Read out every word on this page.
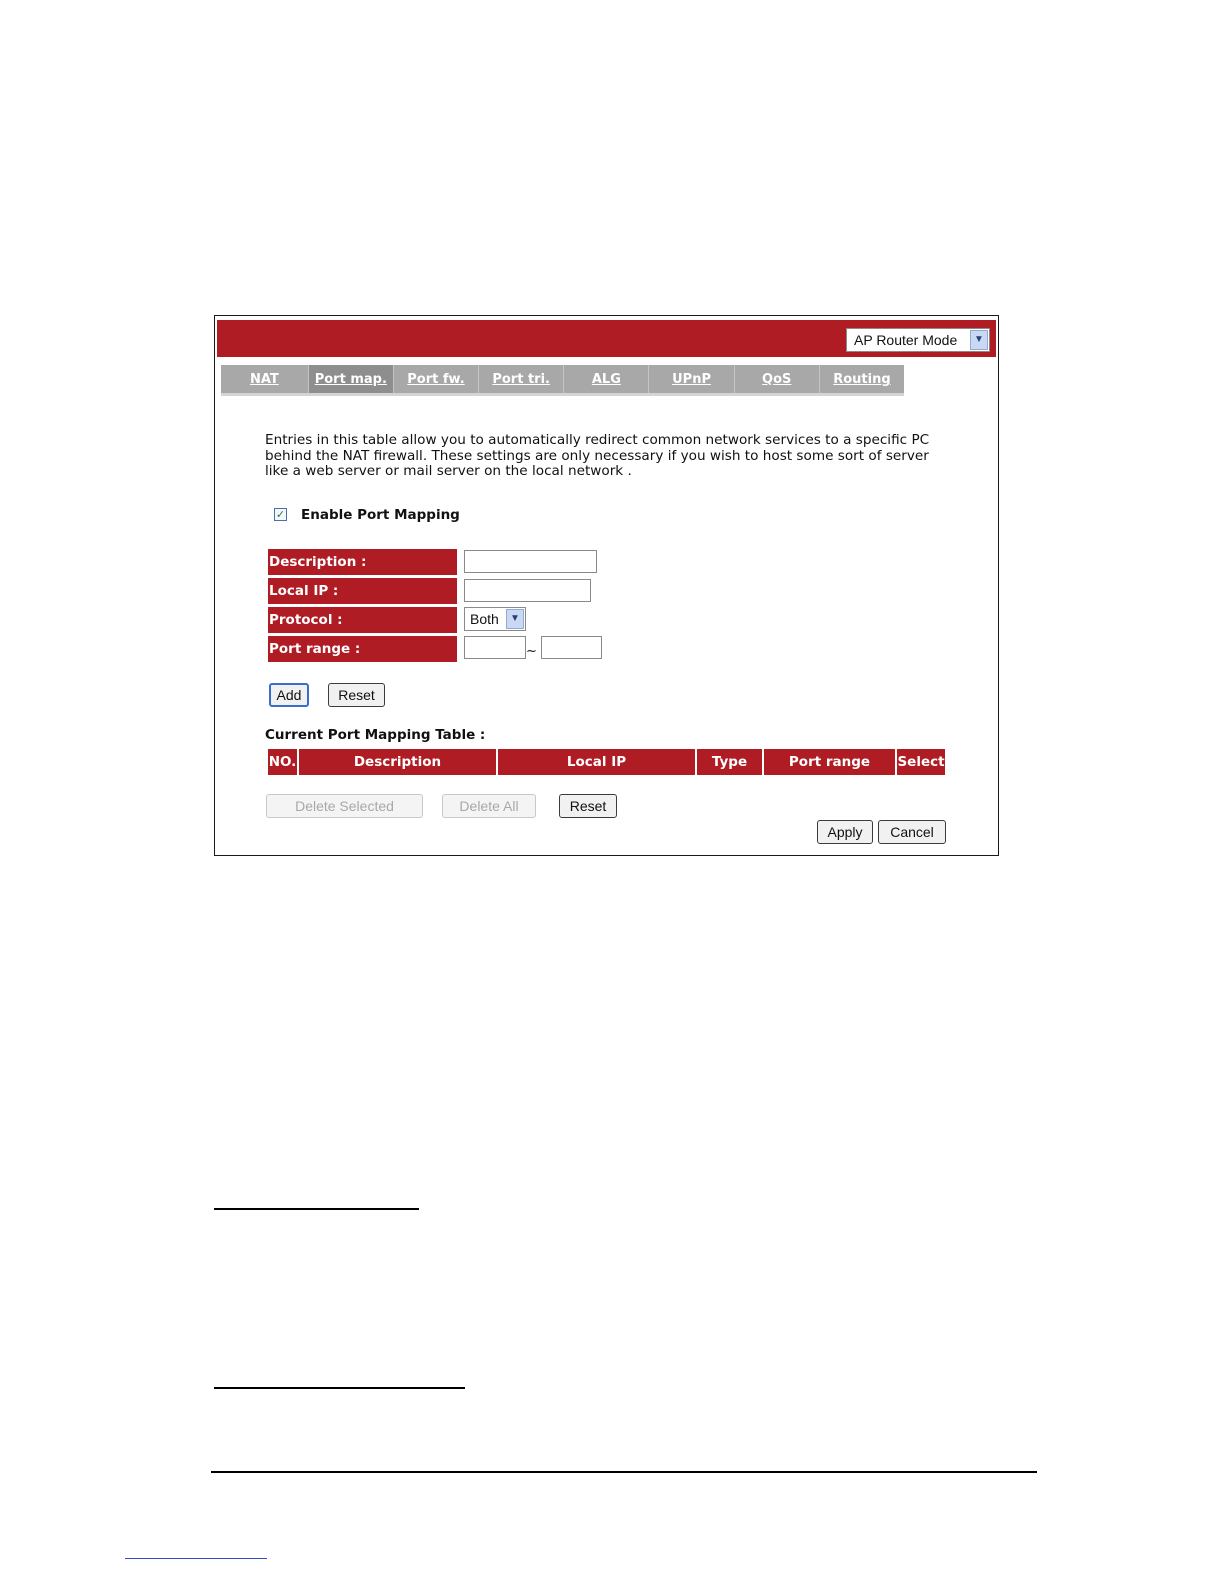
AP Router Mode	▼
NAT	Port map.	Port fw.	Port tri.	ALG	UPnP	QoS	Routing
Entries in this table allow you to automatically redirect common network services to a specific PC behind the NAT firewall. These settings are only necessary if you wish to host some sort of server like a web server or mail server on the local network .
✓ Enable Port Mapping
Description :
Local IP :
Protocol :	Both	▼
Port range :	~
Add	Reset
Current Port Mapping Table :
NO.	Description	Local IP	Type	Port range	Select
Delete Selected	Delete All	Reset
Apply	Cancel
